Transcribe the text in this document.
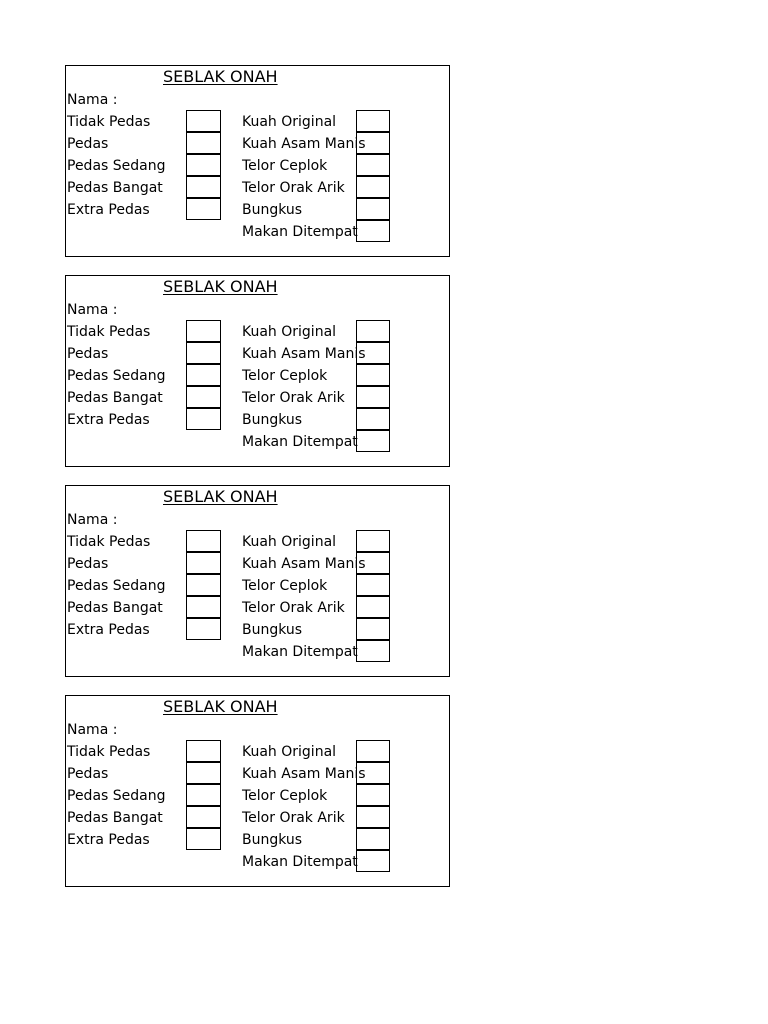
SEBLAK ONAH
Nama :
Tidak Pedas
Pedas
Pedas Sedang
Pedas Bangat
Extra Pedas
Kuah Original
Kuah Asam Manis
Telor Ceplok
Telor Orak Arik
Bungkus
Makan Ditempat
SEBLAK ONAH
Nama :
Tidak Pedas
Pedas
Pedas Sedang
Pedas Bangat
Extra Pedas
Kuah Original
Kuah Asam Manis
Telor Ceplok
Telor Orak Arik
Bungkus
Makan Ditempat
SEBLAK ONAH
Nama :
Tidak Pedas
Pedas
Pedas Sedang
Pedas Bangat
Extra Pedas
Kuah Original
Kuah Asam Manis
Telor Ceplok
Telor Orak Arik
Bungkus
Makan Ditempat
SEBLAK ONAH
Nama :
Tidak Pedas
Pedas
Pedas Sedang
Pedas Bangat
Extra Pedas
Kuah Original
Kuah Asam Manis
Telor Ceplok
Telor Orak Arik
Bungkus
Makan Ditempat
